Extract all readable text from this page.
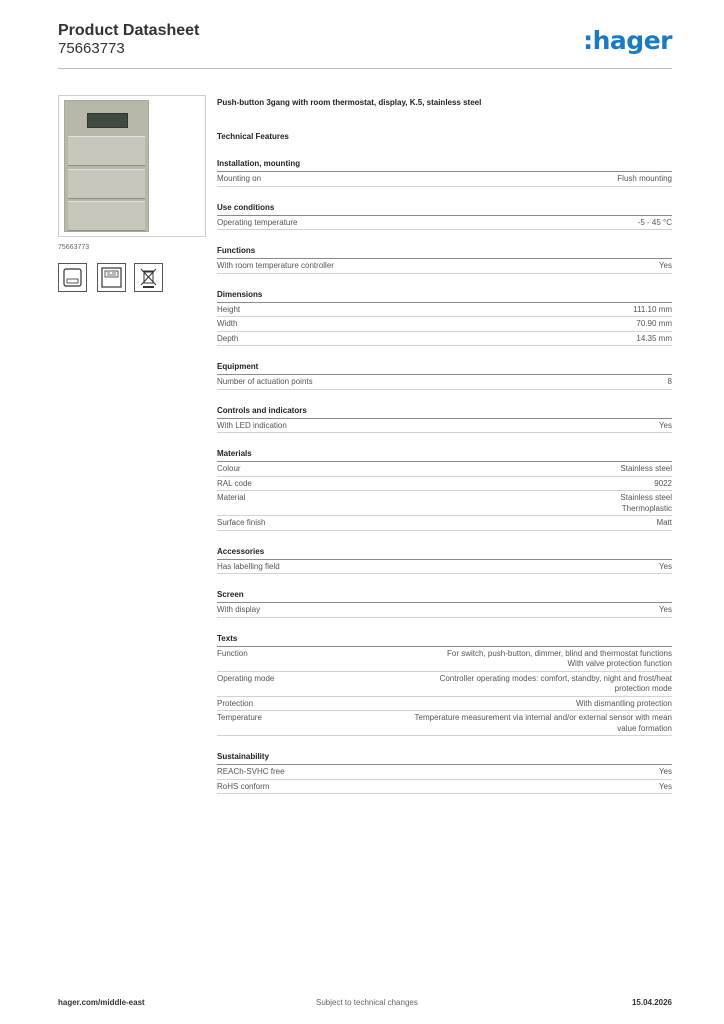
Product Datasheet
75663773	:hager
75663773
Push-button 3gang with room thermostat, display, K.5, stainless steel
Technical Features
Installation, mounting
Mounting on	Flush mounting
Use conditions
Operating temperature	-5 - 45 °C
Functions
With room temperature controller	Yes
Dimensions
Height	111.10 mm
Width	70.90 mm
Depth	14.35 mm
Equipment
Number of actuation points	8
Controls and indicators
With LED indication	Yes
Materials
Colour	Stainless steel
RAL code	9022
Material	Stainless steel
Thermoplastic
Surface finish	Matt
Accessories
Has labelling field	Yes
Screen
With display	Yes
Texts
Function	For switch, push-button, dimmer, blind and thermostat functions
With valve protection function
Operating mode	Controller operating modes: comfort, standby, night and frost/heat
protection mode
Protection	With dismantling protection
Temperature	Temperature measurement via internal and/or external sensor with mean
value formation
Sustainability
REACh-SVHC free	Yes
RoHS conform	Yes
hager.com/middle-east	Subject to technical changes	15.04.2026
